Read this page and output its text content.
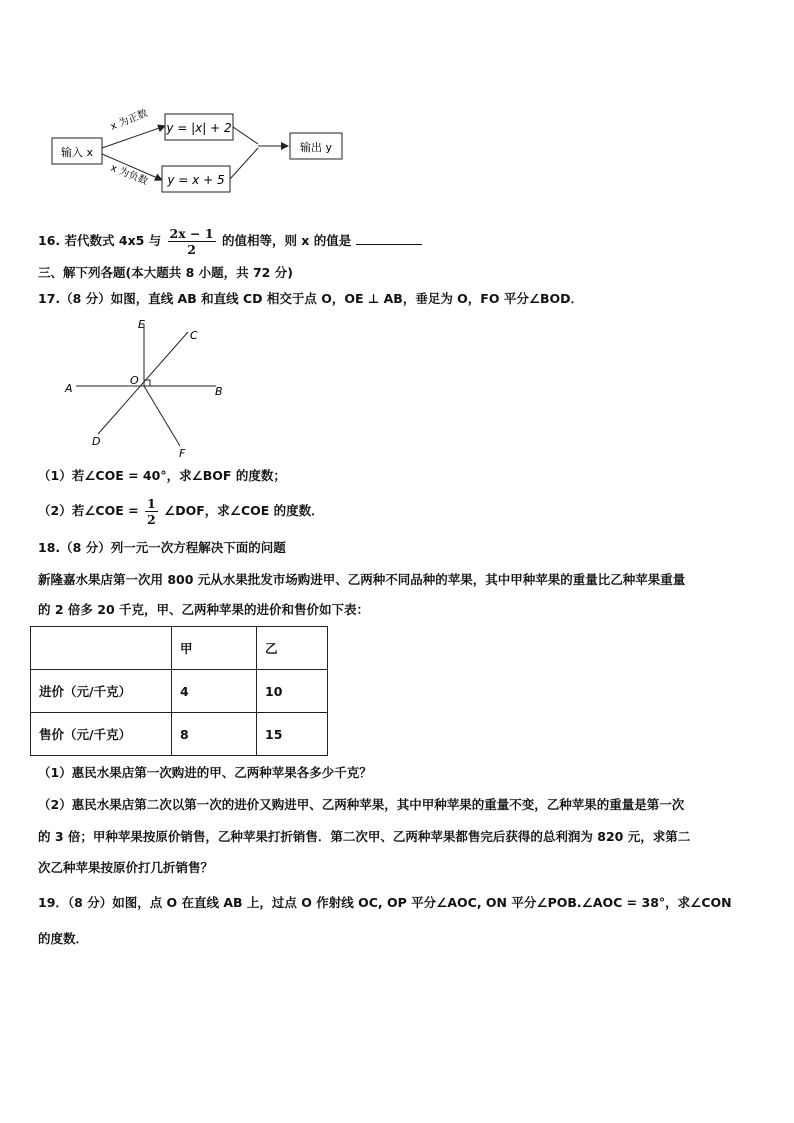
输入 x
x 为正数
x 为负数
y = |x| + 2
y = x + 5
输出 y
16. 若代数式 4x5 与 $\frac{2x - 1}{2}$ 的值相等，则 x 的值是
三、解下列各题(本大题共 8 小题，共 72 分)
17.（8 分）如图，直线 AB 和直线 CD 相交于点 O，OE ⊥ AB，垂足为 O，FO 平分∠BOD．
E
C
A
O
B
D
F
（1）若∠COE = 40°，求∠BOF 的度数；
（2）若∠COE = $\frac{1}{2}$ ∠DOF，求∠COE 的度数．
18.（8 分）列一元一次方程解决下面的问题
新隆嘉水果店第一次用 800 元从水果批发市场购进甲、乙两种不同品种的苹果，其中甲种苹果的重量比乙种苹果重量
的 2 倍多 20 千克，甲、乙两种苹果的进价和售价如下表：
	甲	乙
进价（元/千克）	4	10
售价（元/千克）	8	15
（1）惠民水果店第一次购进的甲、乙两种苹果各多少千克？
（2）惠民水果店第二次以第一次的进价又购进甲、乙两种苹果，其中甲种苹果的重量不变，乙种苹果的重量是第一次
的 3 倍；甲种苹果按原价销售，乙种苹果打折销售．第二次甲、乙两种苹果都售完后获得的总利润为 820 元，求第二
次乙种苹果按原价打几折销售？
19．（8 分）如图，点 O 在直线 AB 上，过点 O 作射线 OC, OP 平分∠AOC, ON 平分∠POB.∠AOC = 38°，求∠CON
的度数．
